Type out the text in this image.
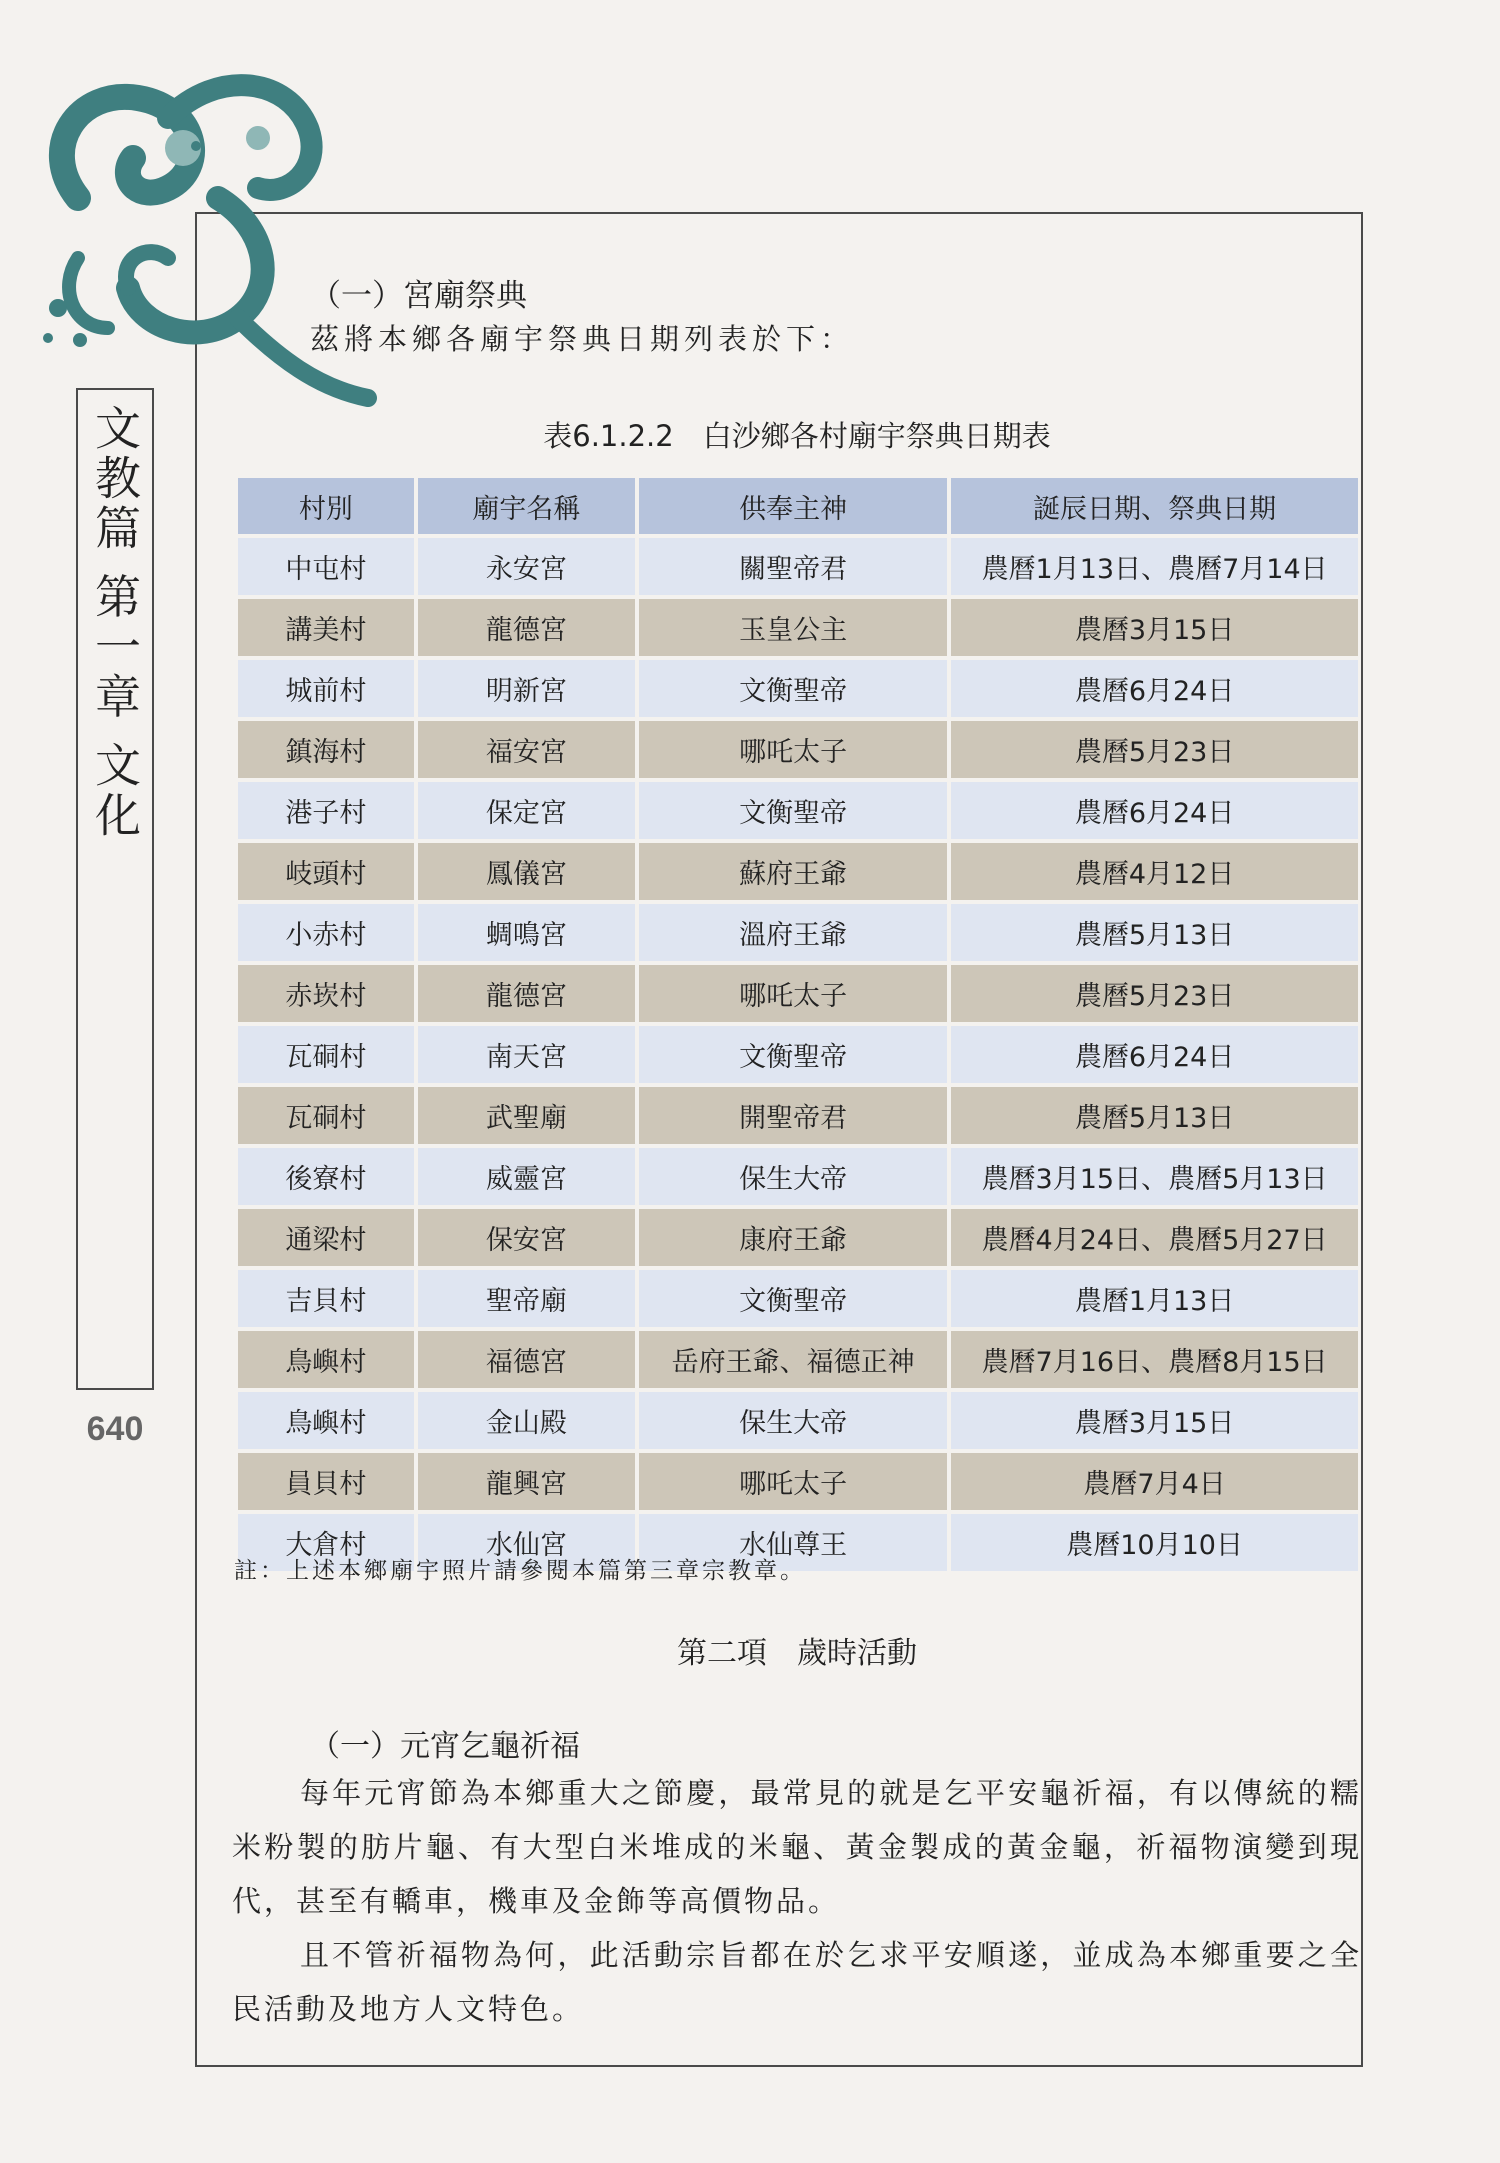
文教篇 第一章 文化
640
（一）宮廟祭典
茲將本鄉各廟宇祭典日期列表於下：
表6.1.2.2　白沙鄉各村廟宇祭典日期表
村別	廟宇名稱	供奉主神	誕辰日期、祭典日期
中屯村	永安宮	關聖帝君	農曆1月13日、農曆7月14日
講美村	龍德宮	玉皇公主	農曆3月15日
城前村	明新宮	文衡聖帝	農曆6月24日
鎮海村	福安宮	哪吒太子	農曆5月23日
港子村	保定宮	文衡聖帝	農曆6月24日
岐頭村	鳳儀宮	蘇府王爺	農曆4月12日
小赤村	蜩鳴宮	溫府王爺	農曆5月13日
赤崁村	龍德宮	哪吒太子	農曆5月23日
瓦硐村	南天宮	文衡聖帝	農曆6月24日
瓦硐村	武聖廟	開聖帝君	農曆5月13日
後寮村	威靈宮	保生大帝	農曆3月15日、農曆5月13日
通梁村	保安宮	康府王爺	農曆4月24日、農曆5月27日
吉貝村	聖帝廟	文衡聖帝	農曆1月13日
鳥嶼村	福德宮	岳府王爺、福德正神	農曆7月16日、農曆8月15日
鳥嶼村	金山殿	保生大帝	農曆3月15日
員貝村	龍興宮	哪吒太子	農曆7月4日
大倉村	水仙宮	水仙尊王	農曆10月10日
註：上述本鄉廟宇照片請參閱本篇第三章宗教章。
第二項　歲時活動
（一）元宵乞龜祈福
每年元宵節為本鄉重大之節慶，最常見的就是乞平安龜祈福，有以傳統的糯米粉製的肪片龜、有大型白米堆成的米龜、黃金製成的黃金龜，祈福物演變到現代，甚至有轎車，機車及金飾等高價物品。
且不管祈福物為何，此活動宗旨都在於乞求平安順遂，並成為本鄉重要之全民活動及地方人文特色。
